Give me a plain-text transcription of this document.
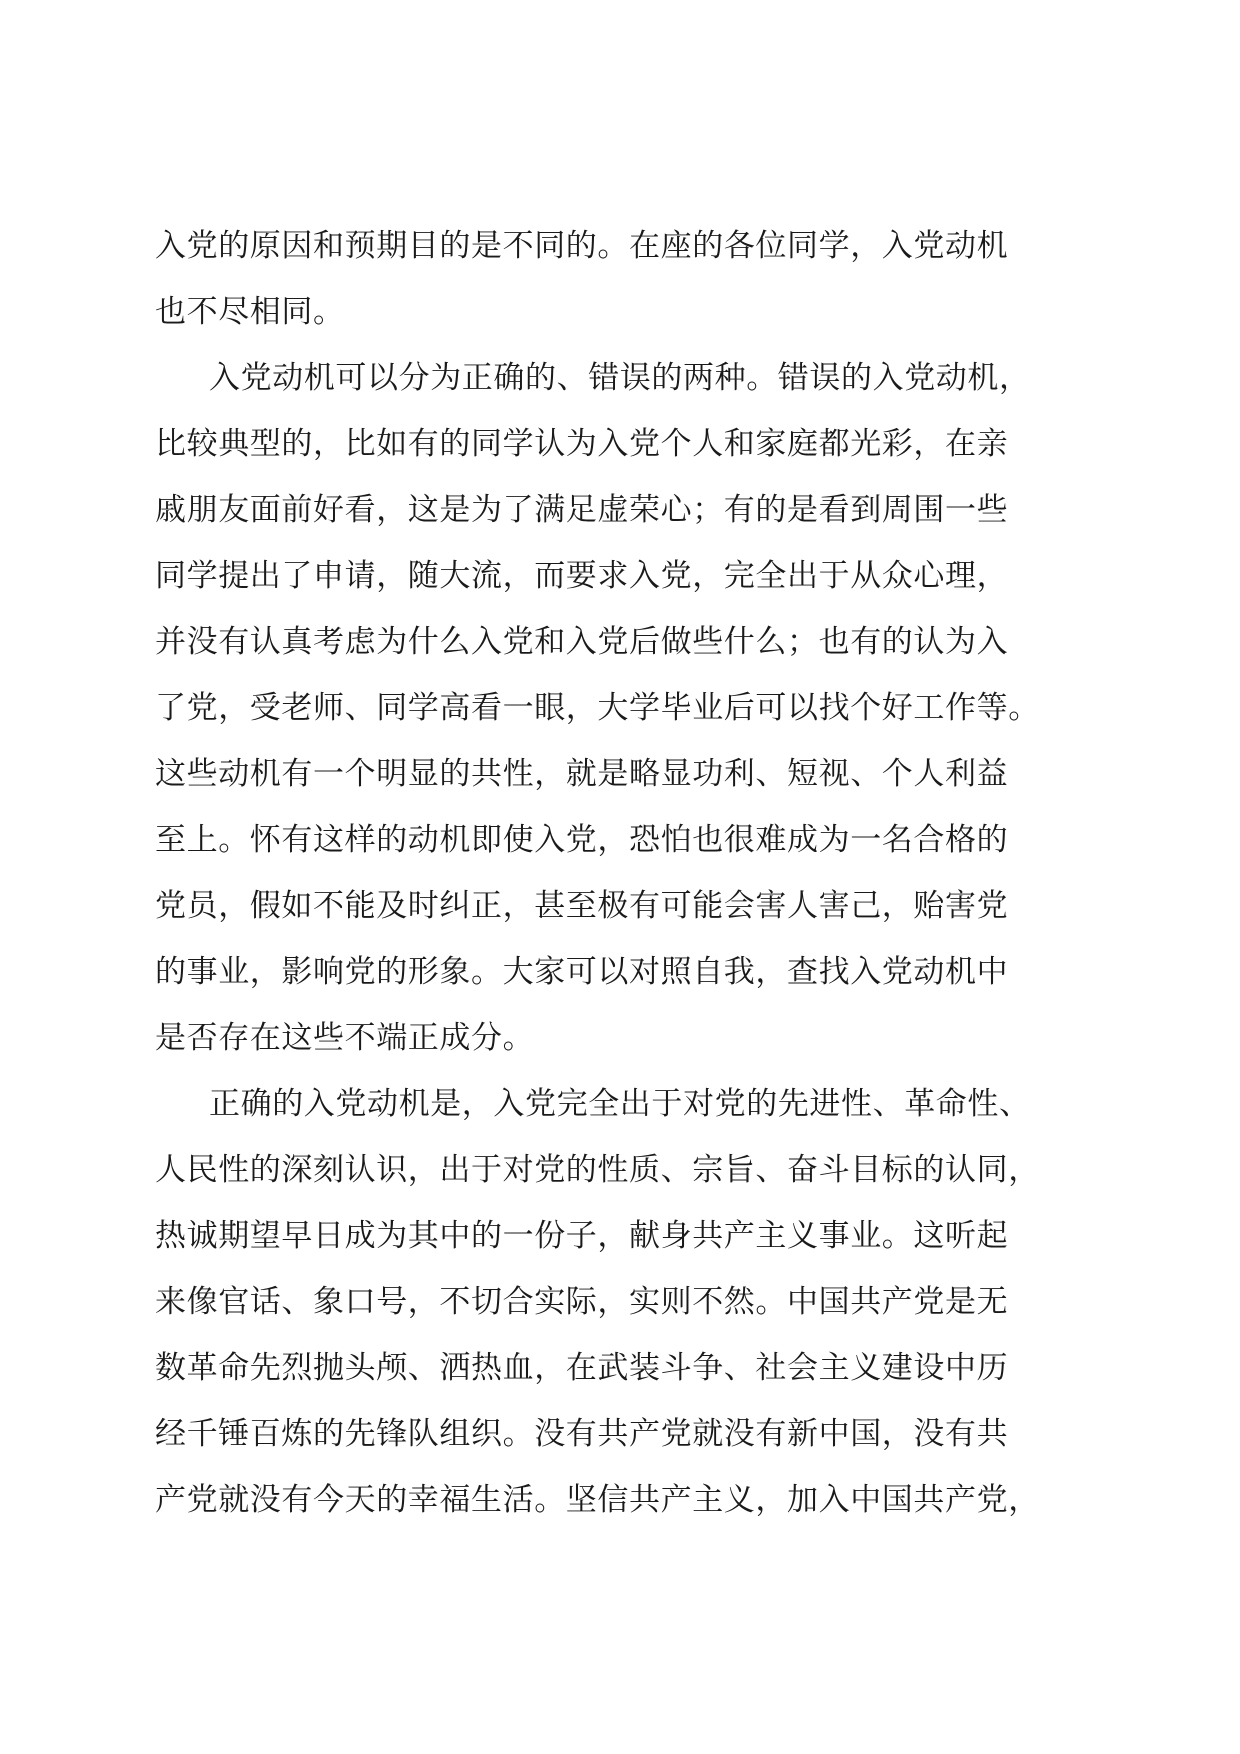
入党的原因和预期目的是不同的。在座的各位同学，入党动机
也不尽相同。
入党动机可以分为正确的、错误的两种。错误的入党动机，
比较典型的，比如有的同学认为入党个人和家庭都光彩，在亲
戚朋友面前好看，这是为了满足虚荣心；有的是看到周围一些
同学提出了申请，随大流，而要求入党，完全出于从众心理，
并没有认真考虑为什么入党和入党后做些什么；也有的认为入
了党，受老师、同学高看一眼，大学毕业后可以找个好工作等。
这些动机有一个明显的共性，就是略显功利、短视、个人利益
至上。怀有这样的动机即使入党，恐怕也很难成为一名合格的
党员，假如不能及时纠正，甚至极有可能会害人害己，贻害党
的事业，影响党的形象。大家可以对照自我，查找入党动机中
是否存在这些不端正成分。
正确的入党动机是，入党完全出于对党的先进性、革命性、
人民性的深刻认识，出于对党的性质、宗旨、奋斗目标的认同，
热诚期望早日成为其中的一份子，献身共产主义事业。这听起
来像官话、象口号，不切合实际，实则不然。中国共产党是无
数革命先烈抛头颅、洒热血，在武装斗争、社会主义建设中历
经千锤百炼的先锋队组织。没有共产党就没有新中国，没有共
产党就没有今天的幸福生活。坚信共产主义，加入中国共产党，
